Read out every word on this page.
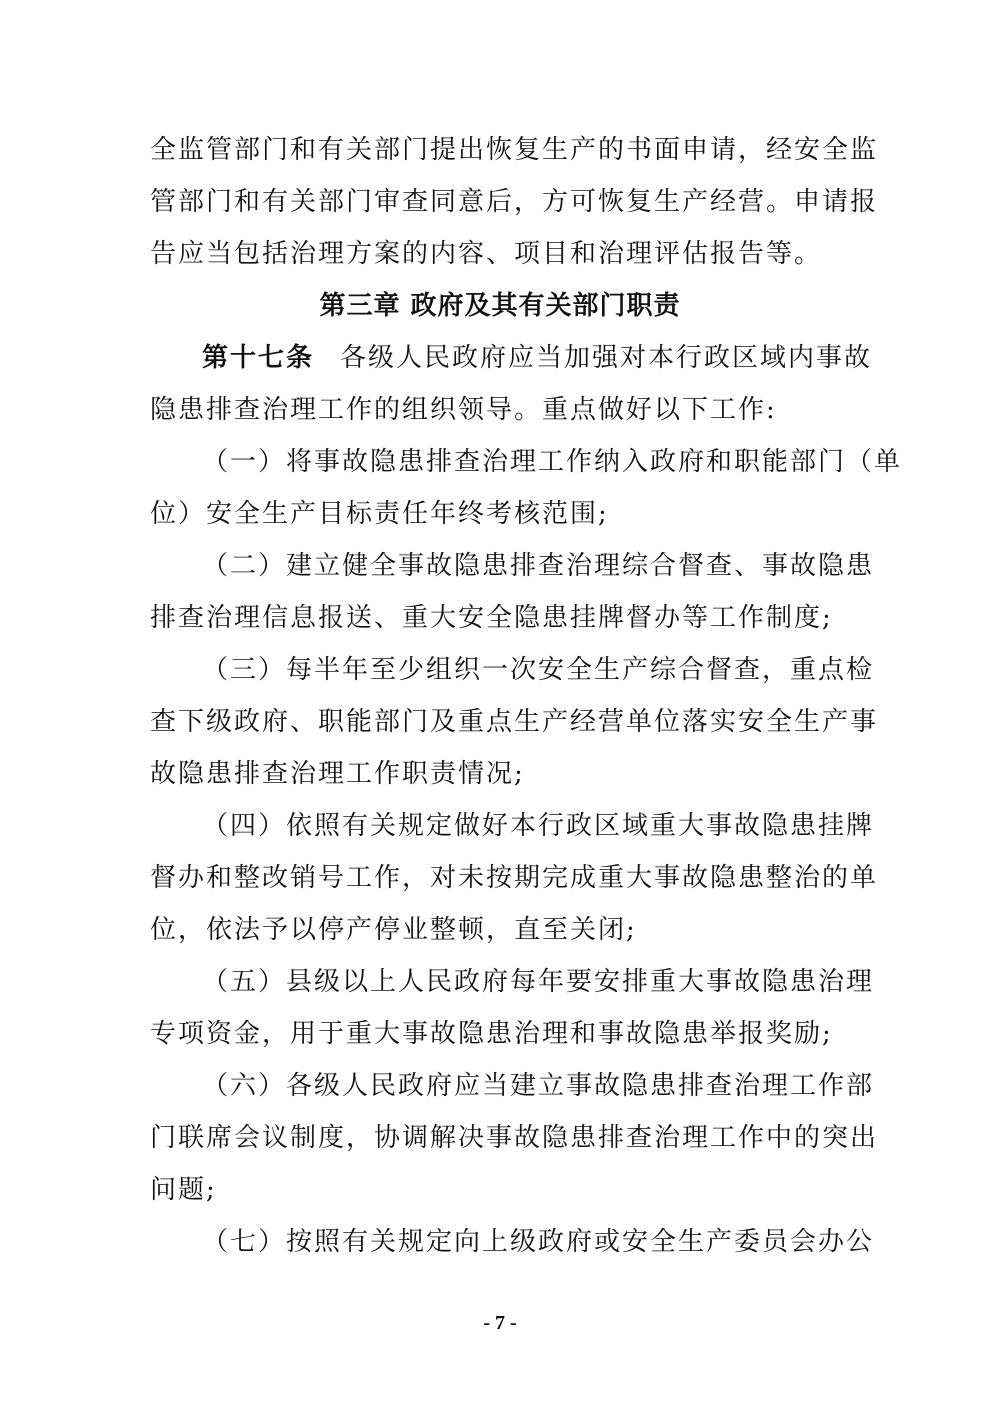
全监管部门和有关部门提出恢复生产的书面申请，经安全监
管部门和有关部门审查同意后，方可恢复生产经营。申请报
告应当包括治理方案的内容、项目和治理评估报告等。
第三章 政府及其有关部门职责
第十七条 各级人民政府应当加强对本行政区域内事故
隐患排查治理工作的组织领导。重点做好以下工作:
（一）将事故隐患排查治理工作纳入政府和职能部门（单
位）安全生产目标责任年终考核范围;
（二）建立健全事故隐患排查治理综合督查、事故隐患
排查治理信息报送、重大安全隐患挂牌督办等工作制度;
（三）每半年至少组织一次安全生产综合督查，重点检
查下级政府、职能部门及重点生产经营单位落实安全生产事
故隐患排查治理工作职责情况;
（四）依照有关规定做好本行政区域重大事故隐患挂牌
督办和整改销号工作，对未按期完成重大事故隐患整治的单
位，依法予以停产停业整顿，直至关闭;
（五）县级以上人民政府每年要安排重大事故隐患治理
专项资金，用于重大事故隐患治理和事故隐患举报奖励;
（六）各级人民政府应当建立事故隐患排查治理工作部
门联席会议制度，协调解决事故隐患排查治理工作中的突出
问题;
（七）按照有关规定向上级政府或安全生产委员会办公
- 7 -
